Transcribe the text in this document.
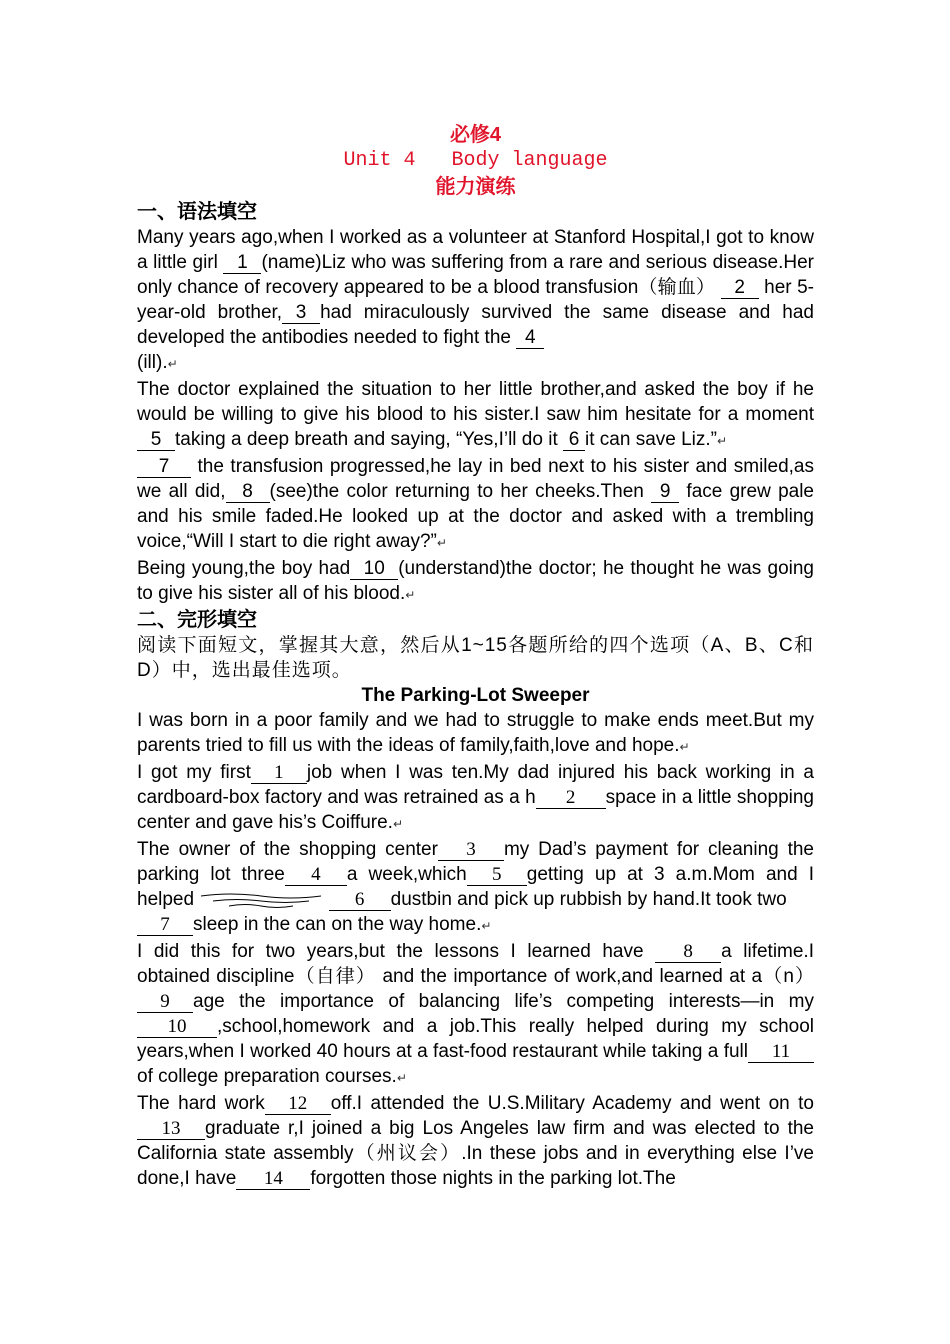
必修4
Unit 4   Body language
能力演练
一、语法填空

Many years ago,when I worked as a volunteer at Stanford Hospital,I got to know a little girl 1 (name)Liz who was suffering from a rare and serious disease.Her only chance of recovery appeared to be a blood transfusion（输血） 2 her 5-year-old brother, 3 had miraculously survived the same disease and had developed the antibodies needed to fight the 4
(ill).↵

The doctor explained the situation to her little brother,and asked the boy if he would be willing to give his blood to his sister.I saw him hesitate for a moment 5 taking a deep breath and saying, “Yes,I’ll do it 6 it can save Liz.”↵

7 the transfusion progressed,he lay in bed next to his sister and smiled,as we all did, 8 (see)the color returning to her cheeks.Then 9 face grew pale and his smile faded.He looked up at the doctor and asked with a trembling voice,“Will I start to die right away?”↵

Being young,the boy had 10 (understand)the doctor; he thought he was going to give his sister all of his blood.↵

二、完形填空

阅读下面短文，掌握其大意，然后从1~15各题所给的四个选项（A、B、C和D）中，选出最佳选项。

The Parking-Lot Sweeper

I was born in a poor family and we had to struggle to make ends meet.But my parents tried to fill us with the ideas of family,faith,love and hope.↵

I got my first 1 job when I was ten.My dad injured his back working in a cardboard-box factory and was retrained as a h 2 space in a little shopping center and gave his’s Coiffure.↵

The owner of the shopping center 3 my Dad’s payment for cleaning the parking lot three 4 a week,which 5 getting up at 3 a.m.Mom and I helped	6 dustbin and pick up rubbish by hand.It took two

7 sleep in the can on the way home.↵

I did this for two years,but the lessons I learned have 8 a lifetime.I obtained discipline（自律） and the importance of work,and learned at a（n）9 age the importance of balancing life’s competing interests—in my10 ,school,homework and a job.This really helped during my school years,when I worked 40 hours at a fast-food restaurant while taking a full 11of college preparation courses.↵

The hard work 12 off.I attended the U.S.Military Academy and went on to13 graduate r,I joined a big Los Angeles law firm and was elected to the California state assembly（州议会）.In these jobs and in everything else I’ve done,I have 14 forgotten those nights in the parking lot.The
